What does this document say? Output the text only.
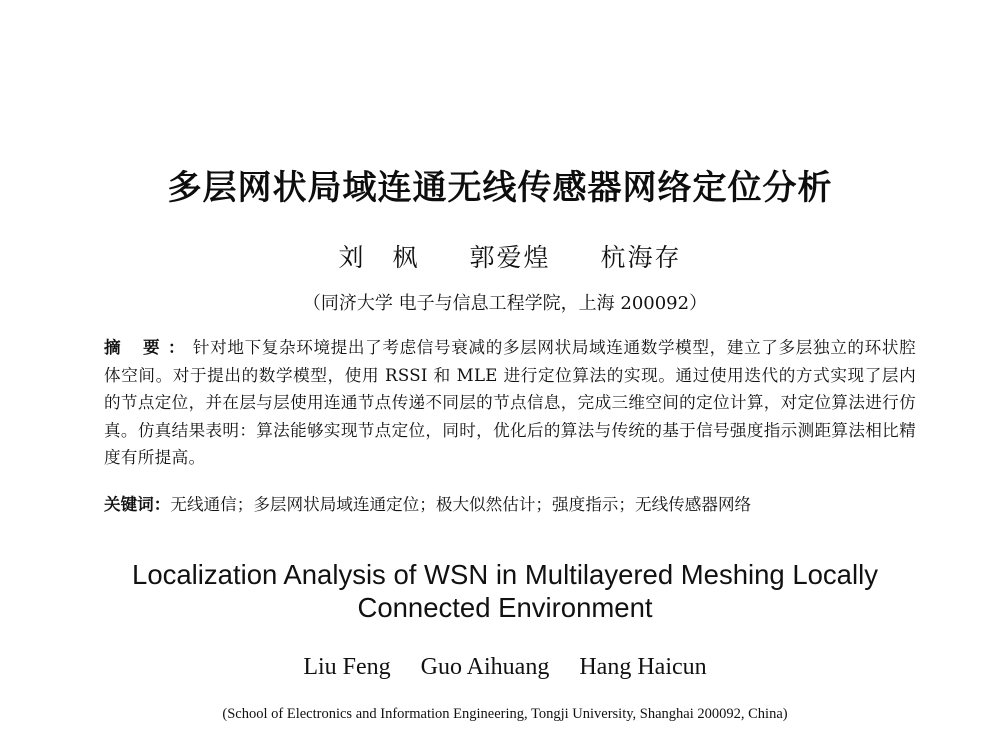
多层网状局域连通无线传感器网络定位分析
刘　枫 郭爱煌 杭海存
（同济大学 电子与信息工程学院，上海 200092）
摘 要：针对地下复杂环境提出了考虑信号衰减的多层网状局域连通数学模型，建立了多层独立的环状腔体空间。对于提出的数学模型，使用 RSSI 和 MLE 进行定位算法的实现。通过使用迭代的方式实现了层内的节点定位，并在层与层使用连通节点传递不同层的节点信息，完成三维空间的定位计算，对定位算法进行仿真。仿真结果表明：算法能够实现节点定位，同时，优化后的算法与传统的基于信号强度指示测距算法相比精度有所提高。
关键词：无线通信；多层网状局域连通定位；极大似然估计；强度指示；无线传感器网络
Localization Analysis of WSN in Multilayered Meshing Locally
Connected Environment
Liu Feng Guo Aihuang Hang Haicun
(School of Electronics and Information Engineering, Tongji University, Shanghai 200092, China)
